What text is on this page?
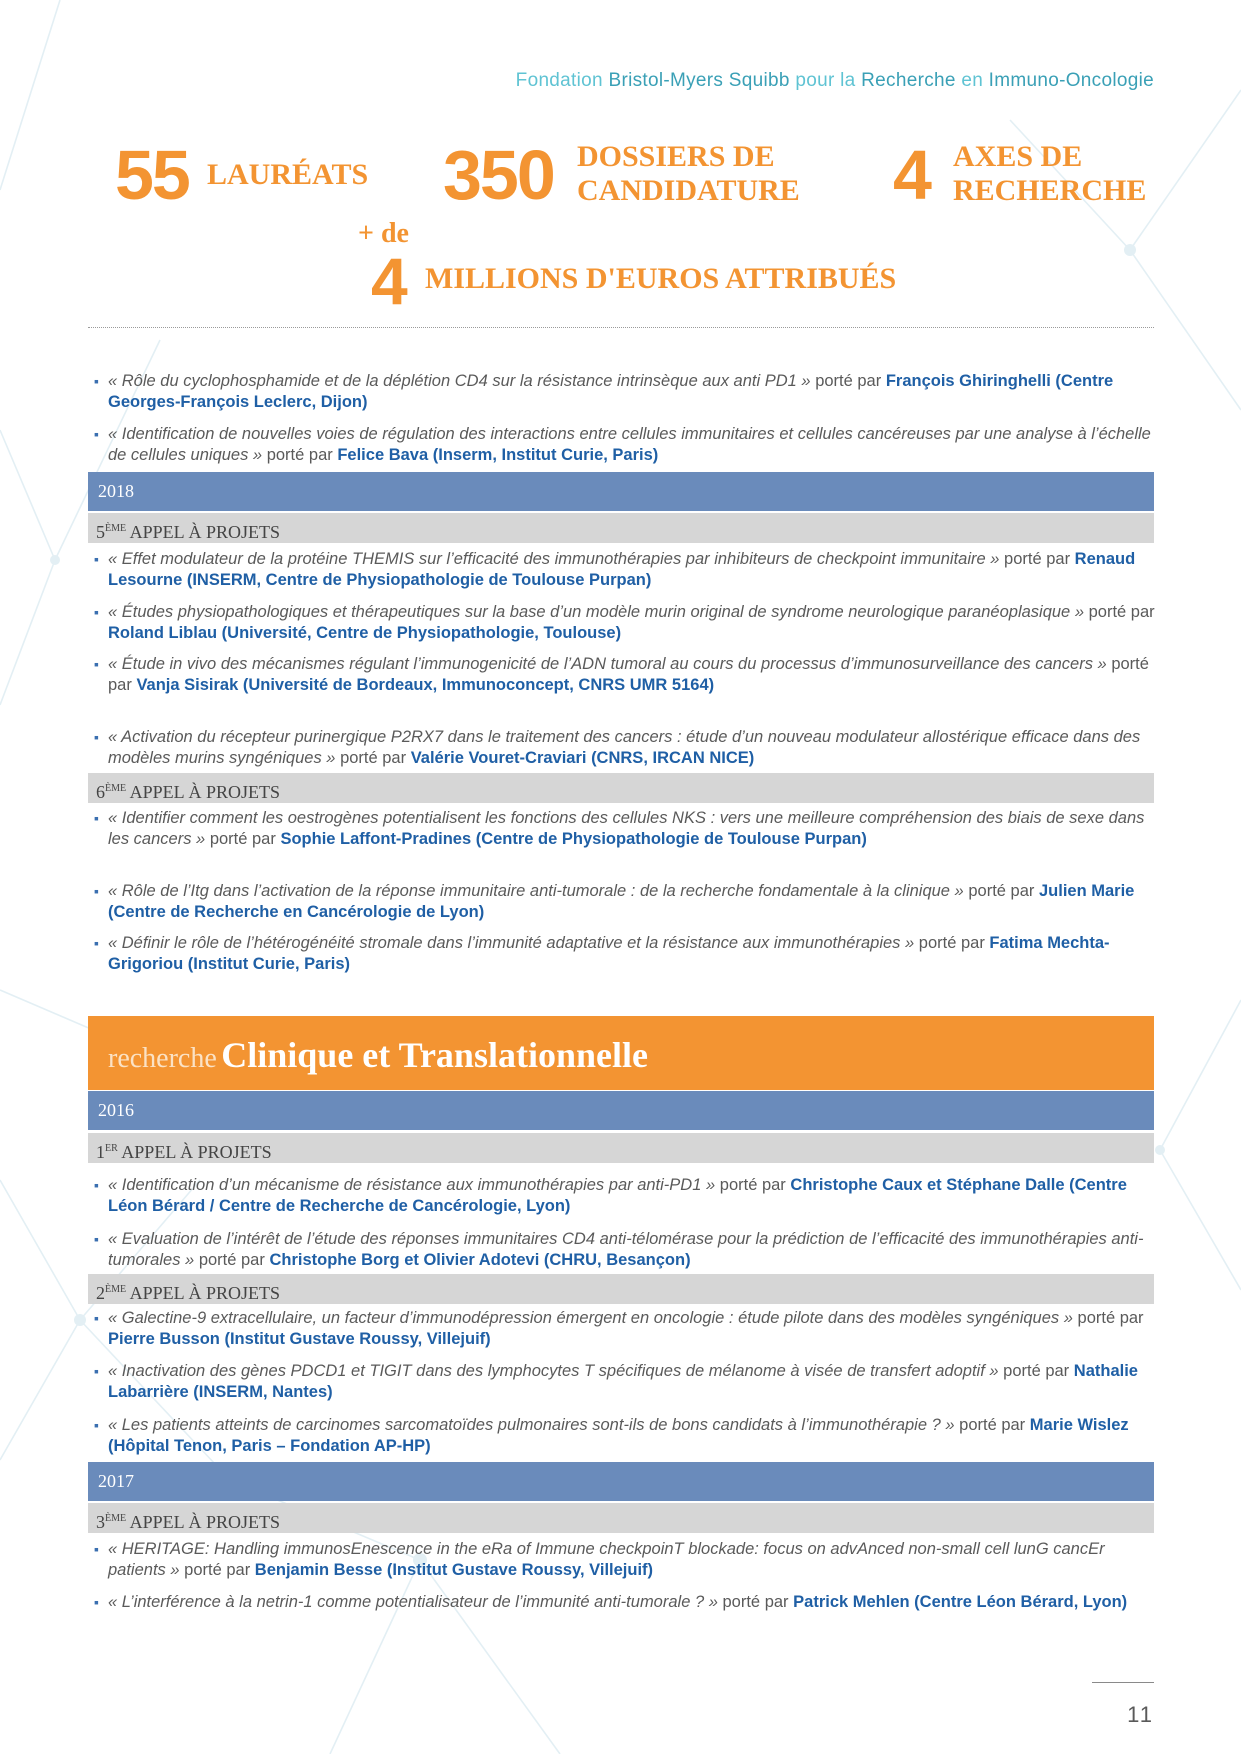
Fondation Bristol-Myers Squibb pour la Recherche en Immuno-Oncologie
55 LAURÉATS 350 DOSSIERS DE
CANDIDATURE 4 AXES DE
RECHERCHE
+ de
4 MILLIONS D'EUROS ATTRIBUÉS
▪ « Rôle du cyclophosphamide et de la déplétion CD4 sur la résistance intrinsèque aux anti PD1 » porté par François Ghiringhelli (Centre Georges-François Leclerc, Dijon)
▪ « Identification de nouvelles voies de régulation des interactions entre cellules immunitaires et cellules cancéreuses par une analyse à l’échelle de cellules uniques » porté par Felice Bava (Inserm, Institut Curie, Paris)
2018
5ÈME APPEL À PROJETS
▪ « Effet modulateur de la protéine THEMIS sur l’efficacité des immunothérapies par inhibiteurs de checkpoint immunitaire » porté par Renaud Lesourne (INSERM, Centre de Physiopathologie de Toulouse Purpan)
▪ « Études physiopathologiques et thérapeutiques sur la base d’un modèle murin original de syndrome neurologique paranéoplasique » porté par Roland Liblau (Université, Centre de Physiopathologie, Toulouse)
▪ « Étude in vivo des mécanismes régulant l’immunogenicité de l’ADN tumoral au cours du processus d’immunosurveillance des cancers » porté par Vanja Sisirak (Université de Bordeaux, Immunoconcept, CNRS UMR 5164)
▪ « Activation du récepteur purinergique P2RX7 dans le traitement des cancers : étude d’un nouveau modulateur allostérique efficace dans des modèles murins syngéniques » porté par Valérie Vouret-Craviari (CNRS, IRCAN NICE)
6ÈME APPEL À PROJETS
▪ « Identifier comment les oestrogènes potentialisent les fonctions des cellules NKS : vers une meilleure compréhension des biais de sexe dans les cancers » porté par Sophie Laffont-Pradines (Centre de Physiopathologie de Toulouse Purpan)
▪ « Rôle de l’Itg dans l’activation de la réponse immunitaire anti-tumorale : de la recherche fondamentale à la clinique » porté par Julien Marie (Centre de Recherche en Cancérologie de Lyon)
▪ « Définir le rôle de l’hétérogénéité stromale dans l’immunité adaptative et la résistance aux immunothérapies » porté par Fatima Mechta-Grigoriou (Institut Curie, Paris)
recherche Clinique et Translationnelle
2016
1ER APPEL À PROJETS
▪ « Identification d’un mécanisme de résistance aux immunothérapies par anti-PD1 » porté par Christophe Caux et Stéphane Dalle (Centre Léon Bérard / Centre de Recherche de Cancérologie, Lyon)
▪ « Evaluation de l’intérêt de l’étude des réponses immunitaires CD4 anti-télomérase pour la prédiction de l’efficacité des immunothérapies anti-tumorales » porté par Christophe Borg et Olivier Adotevi (CHRU, Besançon)
2ÈME APPEL À PROJETS
▪ « Galectine-9 extracellulaire, un facteur d’immunodépression émergent en oncologie : étude pilote dans des modèles syngéniques » porté par Pierre Busson (Institut Gustave Roussy, Villejuif)
▪ « Inactivation des gènes PDCD1 et TIGIT dans des lymphocytes T spécifiques de mélanome à visée de transfert adoptif » porté par Nathalie Labarrière (INSERM, Nantes)
▪ « Les patients atteints de carcinomes sarcomatoïdes pulmonaires sont-ils de bons candidats à l’immunothérapie ? » porté par Marie Wislez (Hôpital Tenon, Paris – Fondation AP-HP)
2017
3ÈME APPEL À PROJETS
▪ « HERITAGE: Handling immunosEnescence in the eRa of Immune checkpoinT blockade: focus on advAnced non-small cell lunG cancEr patients » porté par Benjamin Besse (Institut Gustave Roussy, Villejuif)
▪ « L’interférence à la netrin-1 comme potentialisateur de l’immunité anti-tumorale ? » porté par Patrick Mehlen (Centre Léon Bérard, Lyon)
11
